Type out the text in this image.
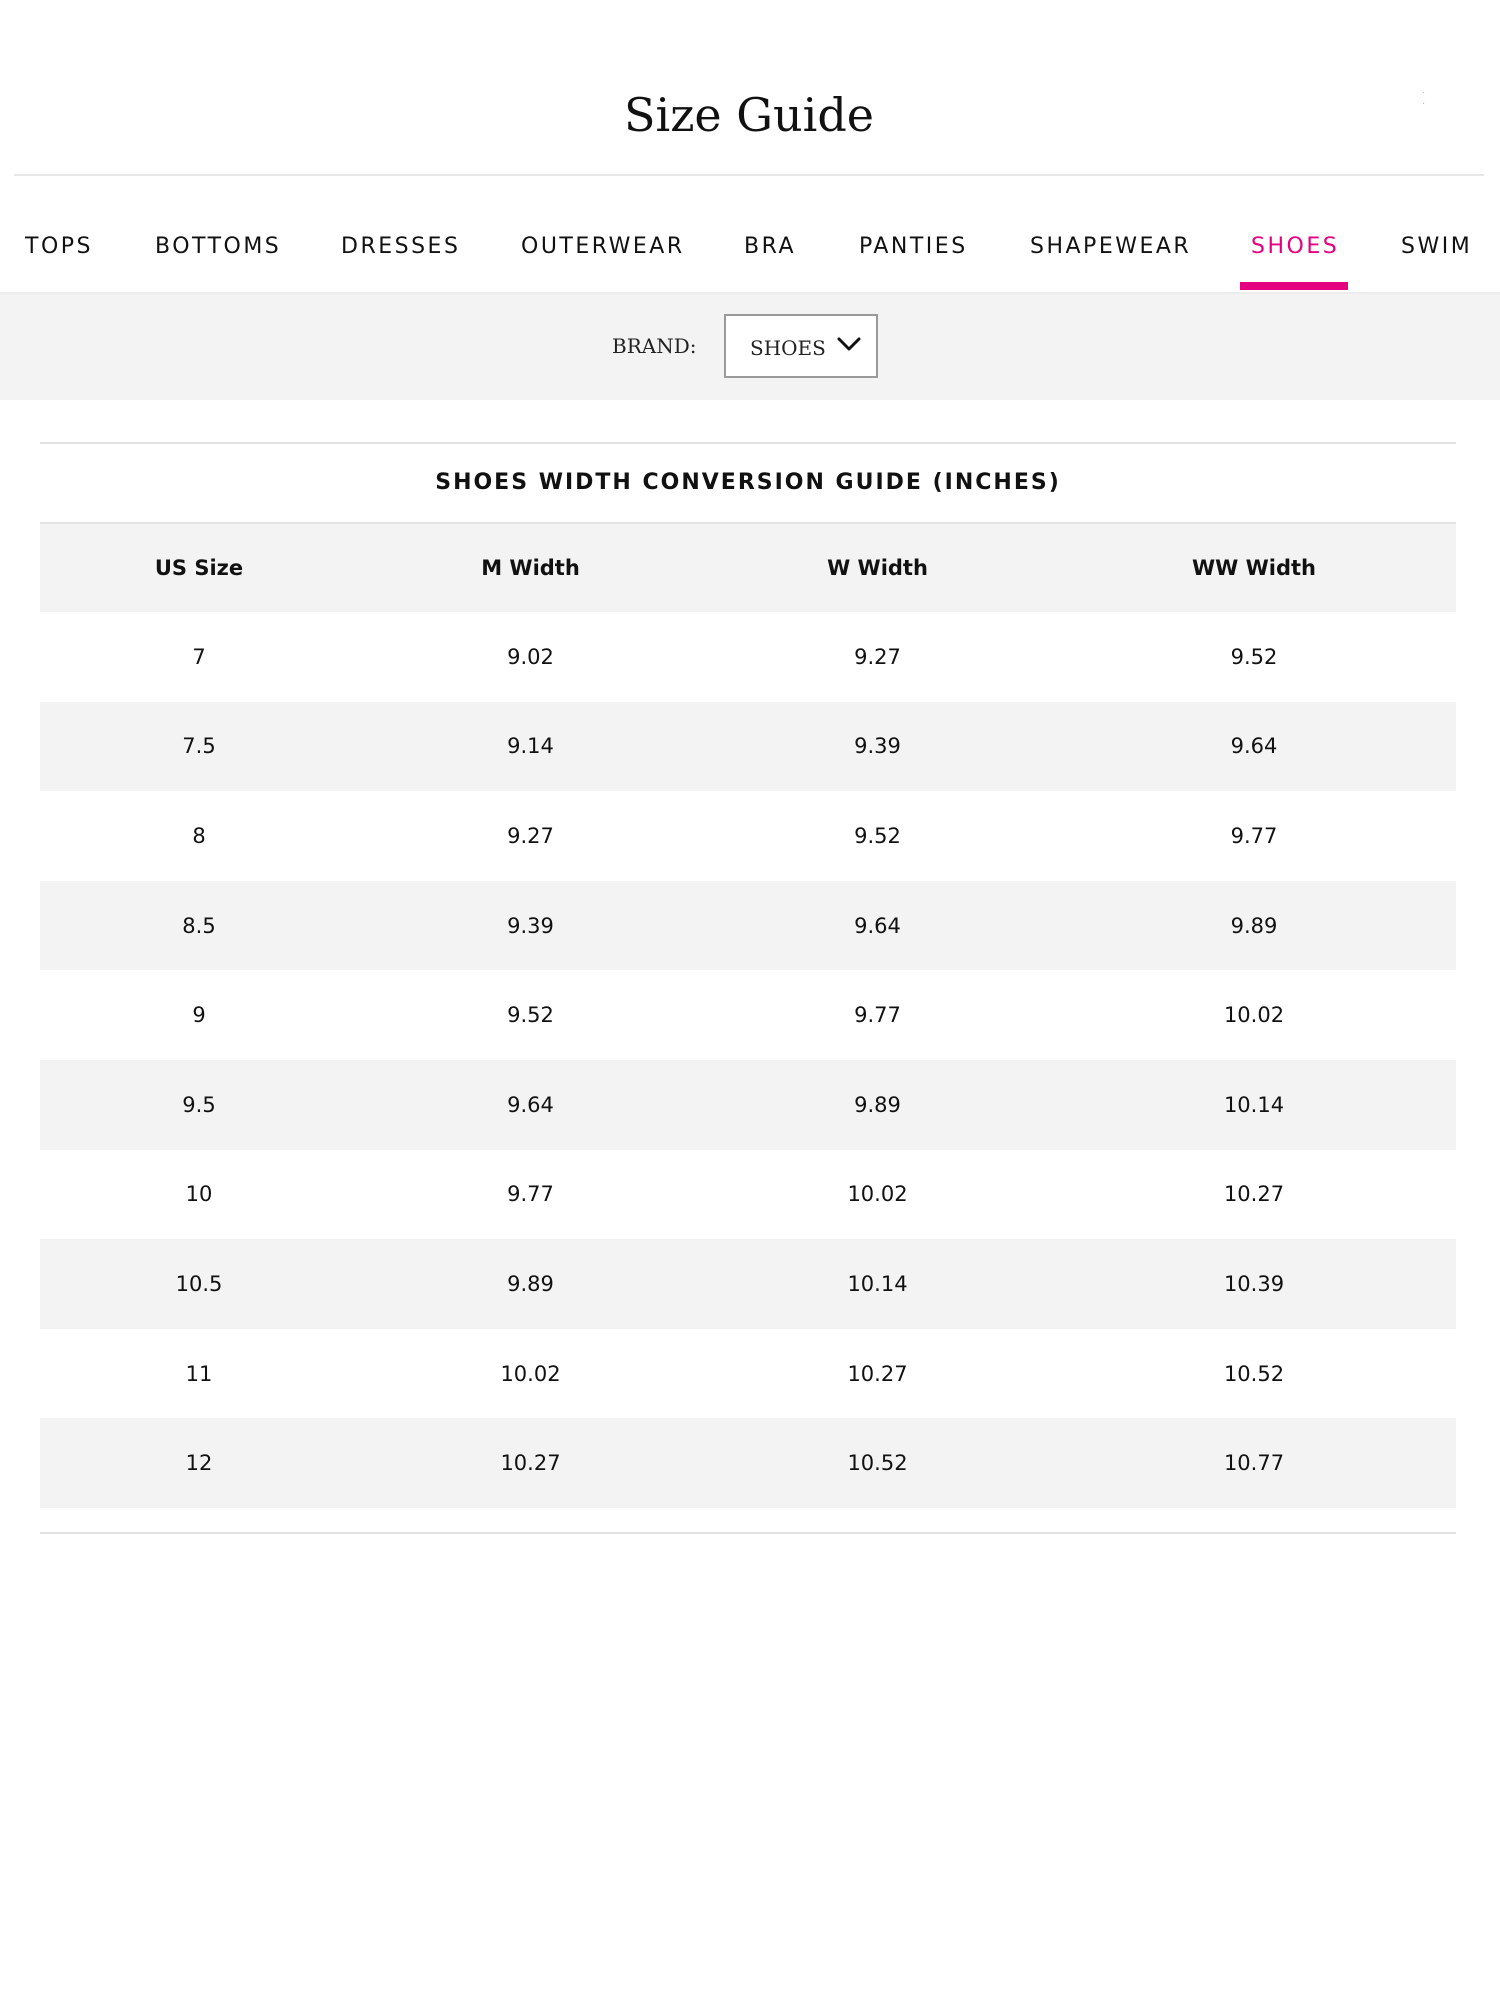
Size Guide	· ·
TOPS	BOTTOMS	DRESSES	OUTERWEAR	BRA	PANTIES	SHAPEWEAR	SHOES	SWIM
BRAND:	SHOES
SHOES WIDTH CONVERSION GUIDE (INCHES)
US Size	M Width	W Width	WW Width
7	9.02	9.27	9.52
7.5	9.14	9.39	9.64
8	9.27	9.52	9.77
8.5	9.39	9.64	9.89
9	9.52	9.77	10.02
9.5	9.64	9.89	10.14
10	9.77	10.02	10.27
10.5	9.89	10.14	10.39
11	10.02	10.27	10.52
12	10.27	10.52	10.77
